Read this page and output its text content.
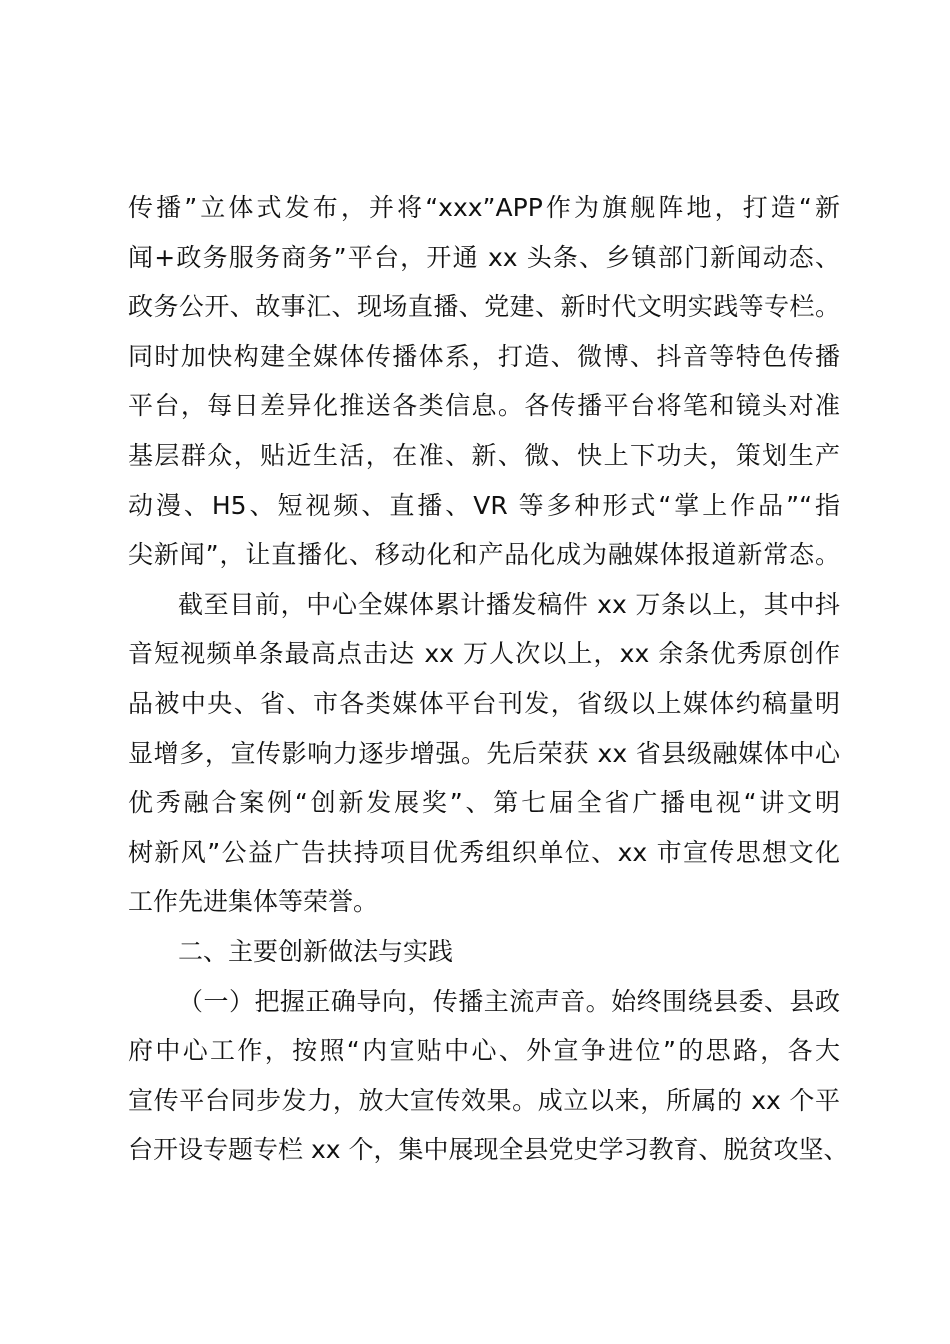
传播”立体式发布，并将“xxx”APP作为旗舰阵地，打造“新
闻+政务服务商务”平台，开通 xx 头条、乡镇部门新闻动态、
政务公开、故事汇、现场直播、党建、新时代文明实践等专栏。
同时加快构建全媒体传播体系，打造、微博、抖音等特色传播
平台，每日差异化推送各类信息。各传播平台将笔和镜头对准
基层群众，贴近生活，在准、新、微、快上下功夫，策划生产
动漫、H5、短视频、直播、VR 等多种形式“掌上作品”“指
尖新闻”，让直播化、移动化和产品化成为融媒体报道新常态。
截至目前，中心全媒体累计播发稿件 xx 万条以上，其中抖
音短视频单条最高点击达 xx 万人次以上，xx 余条优秀原创作
品被中央、省、市各类媒体平台刊发，省级以上媒体约稿量明
显增多，宣传影响力逐步增强。先后荣获 xx 省县级融媒体中心
优秀融合案例“创新发展奖”、第七届全省广播电视“讲文明
树新风”公益广告扶持项目优秀组织单位、xx 市宣传思想文化
工作先进集体等荣誉。
二、主要创新做法与实践
（一）把握正确导向，传播主流声音。始终围绕县委、县政
府中心工作，按照“内宣贴中心、外宣争进位”的思路，各大
宣传平台同步发力，放大宣传效果。成立以来，所属的 xx 个平
台开设专题专栏 xx 个，集中展现全县党史学习教育、脱贫攻坚、
